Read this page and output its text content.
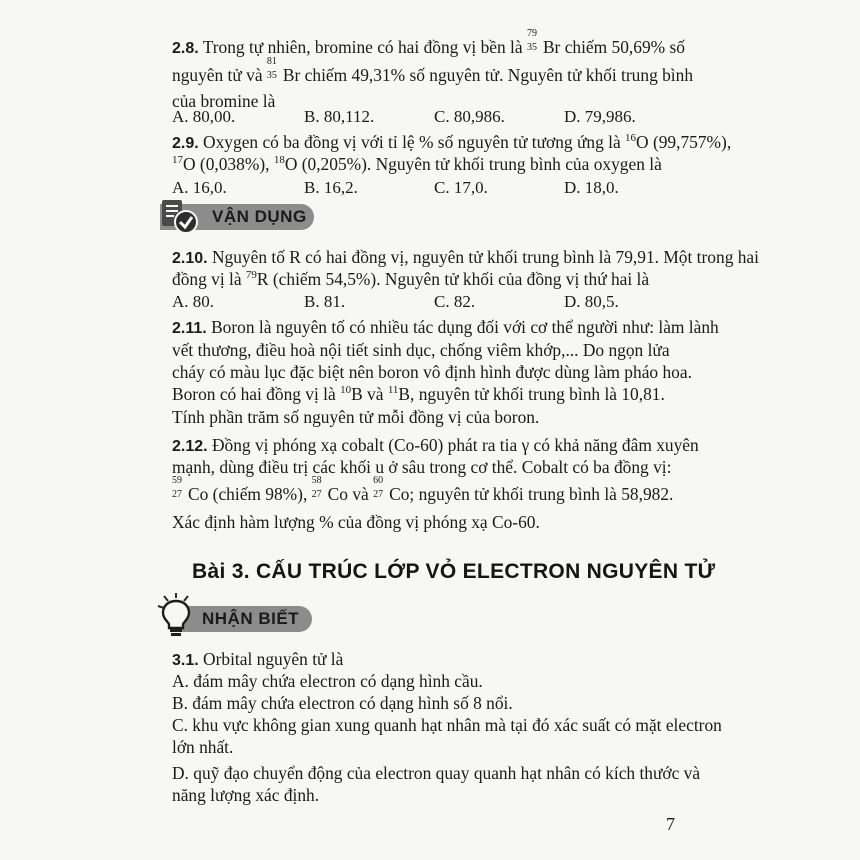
2.8. Trong tự nhiên, bromine có hai đồng vị bền là
79
35 Br chiếm 50,69% số
nguyên tử và
81
35 Br chiếm 49,31% số nguyên tử. Nguyên tử khối trung bình
của bromine là
A. 80,00.	B. 80,112.	C. 80,986.	D. 79,986.
2.9. Oxygen có ba đồng vị với tỉ lệ % số nguyên tử tương ứng là $^{16}$O (99,757%),
$^{17}$O (0,038%), $^{18}$O (0,205%). Nguyên tử khối trung bình của oxygen là
A. 16,0.	B. 16,2.	C. 17,0.	D. 18,0.
VẬN DỤNG
2.10. Nguyên tố R có hai đồng vị, nguyên tử khối trung bình là 79,91. Một trong hai
đồng vị là $^{79}$R (chiếm 54,5%). Nguyên tử khối của đồng vị thứ hai là
A. 80.	B. 81.	C. 82.	D. 80,5.
2.11. Boron là nguyên tố có nhiều tác dụng đối với cơ thể người như: làm lành
vết thương, điều hoà nội tiết sinh dục, chống viêm khớp,... Do ngọn lửa
cháy có màu lục đặc biệt nên boron vô định hình được dùng làm pháo hoa.
Boron có hai đồng vị là $^{10}$B và $^{11}$B, nguyên tử khối trung bình là 10,81.
Tính phần trăm số nguyên tử mỗi đồng vị của boron.
2.12. Đồng vị phóng xạ cobalt (Co-60) phát ra tia γ có khả năng đâm xuyên
mạnh, dùng điều trị các khối u ở sâu trong cơ thể. Cobalt có ba đồng vị:
59
27 Co (chiếm 98%),
58
27 Co và
60
27 Co; nguyên tử khối trung bình là 58,982.
Xác định hàm lượng % của đồng vị phóng xạ Co-60.
Bài 3. CẤU TRÚC LỚP VỎ ELECTRON NGUYÊN TỬ
NHẬN BIẾT
3.1. Orbital nguyên tử là
A. đám mây chứa electron có dạng hình cầu.
B. đám mây chứa electron có dạng hình số 8 nổi.
C. khu vực không gian xung quanh hạt nhân mà tại đó xác suất có mặt electron
lớn nhất.
D. quỹ đạo chuyển động của electron quay quanh hạt nhân có kích thước và
năng lượng xác định.
7
